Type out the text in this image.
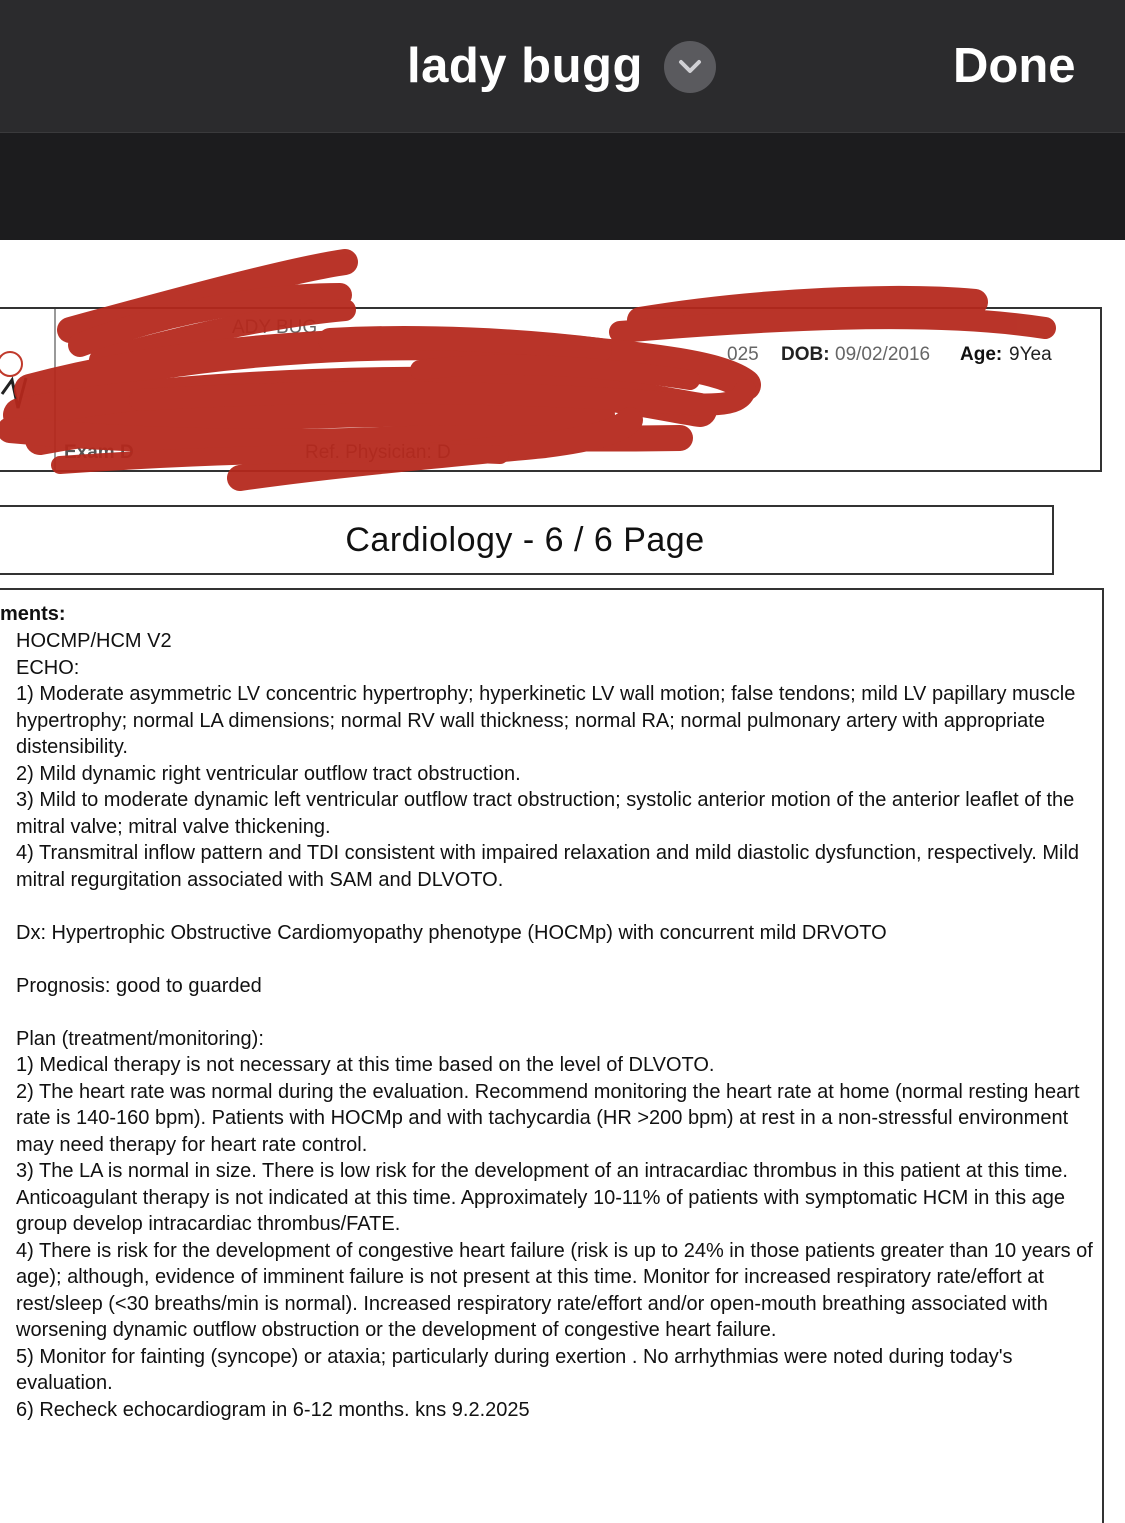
lady bugg	Done
ADY BUG
025 DOB: 09/02/2016 Age: 9Yea
Exam D	Ref. Physician: D
Cardiology - 6 / 6 Page
ments:

HOCMP/HCM V2

ECHO:

1) Moderate asymmetric LV concentric hypertrophy; hyperkinetic LV wall motion; false tendons; mild LV papillary muscle hypertrophy; normal LA dimensions; normal RV wall thickness; normal RA; normal pulmonary artery with appropriate distensibility.

2) Mild dynamic right ventricular outflow tract obstruction.

3) Mild to moderate dynamic left ventricular outflow tract obstruction; systolic anterior motion of the anterior leaflet of the mitral valve; mitral valve thickening.

4) Transmitral inflow pattern and TDI consistent with impaired relaxation and mild diastolic dysfunction, respectively. Mild mitral regurgitation associated with SAM and DLVOTO.

Dx: Hypertrophic Obstructive Cardiomyopathy phenotype (HOCMp) with concurrent mild DRVOTO

Prognosis: good to guarded

Plan (treatment/monitoring):

1) Medical therapy is not necessary at this time based on the level of DLVOTO.

2) The heart rate was normal during the evaluation. Recommend monitoring the heart rate at home (normal resting heart rate is 140-160 bpm). Patients with HOCMp and with tachycardia (HR >200 bpm) at rest in a non-stressful environment may need therapy for heart rate control.

3) The LA is normal in size. There is low risk for the development of an intracardiac thrombus in this patient at this time. Anticoagulant therapy is not indicated at this time. Approximately 10-11% of patients with symptomatic HCM in this age group develop intracardiac thrombus/FATE.

4) There is risk for the development of congestive heart failure (risk is up to 24% in those patients greater than 10 years of age); although, evidence of imminent failure is not present at this time. Monitor for increased respiratory rate/effort at rest/sleep (<30 breaths/min is normal). Increased respiratory rate/effort and/or open-mouth breathing associated with worsening dynamic outflow obstruction or the development of congestive heart failure.

5) Monitor for fainting (syncope) or ataxia; particularly during exertion . No arrhythmias were noted during today's evaluation.

6) Recheck echocardiogram in 6-12 months. kns 9.2.2025
